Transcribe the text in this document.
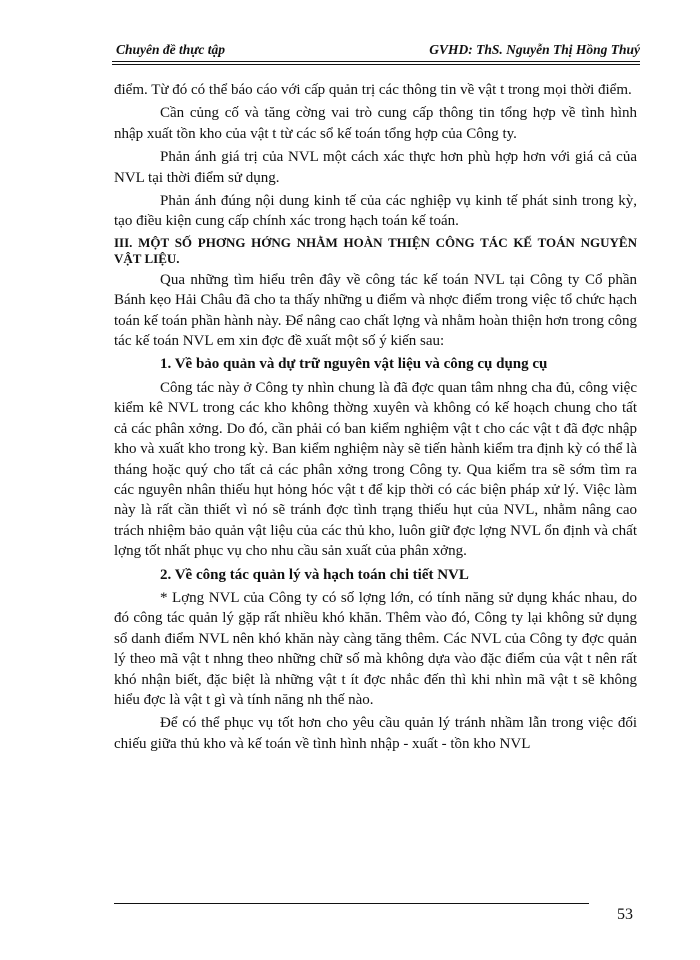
Chuyên đề thực tập	GVHD: ThS. Nguyễn Thị Hồng Thuý

điểm. Từ đó có thể báo cáo với cấp quản trị các thông tin về vật t trong mọi thời điểm.

Cần củng cố và tăng cờng vai trò cung cấp thông tin tổng hợp về tình hình nhập xuất tồn kho của vật t từ các sổ kế toán tổng hợp của Công ty.

Phản ánh giá trị của NVL một cách xác thực hơn phù hợp hơn với giá cả của NVL tại thời điểm sử dụng.

Phản ánh đúng nội dung kinh tế của các nghiệp vụ kinh tế phát sinh trong kỳ, tạo điều kiện cung cấp chính xác trong hạch toán kế toán.

III. MỘT SỐ PHƠNG HỚNG NHẰM HOÀN THIỆN CÔNG TÁC KẾ TOÁN NGUYÊN VẬT LIỆU.

Qua những tìm hiểu trên đây về công tác kế toán NVL tại Công ty Cổ phần Bánh kẹo Hải Châu đã cho ta thấy những u điểm và nhợc điểm trong việc tổ chức hạch toán kế toán phần hành này. Để nâng cao chất lợng và nhằm hoàn thiện hơn trong công tác kế toán NVL em xin đợc đề xuất một số ý kiến sau:

1. Về bảo quản và dự trữ nguyên vật liệu và công cụ dụng cụ

Công tác này ở Công ty nhìn chung là đã đợc quan tâm nhng cha đủ, công việc kiểm kê NVL trong các kho không thờng xuyên và không có kế hoạch chung cho tất cả các phân xởng. Do đó, cần phải có ban kiểm nghiệm vật t cho các vật t đã đợc nhập kho và xuất kho trong kỳ. Ban kiểm nghiệm này sẽ tiến hành kiểm tra định kỳ có thể là tháng hoặc quý cho tất cả các phân xởng trong Công ty. Qua kiểm tra sẽ sớm tìm ra các nguyên nhân thiếu hụt hỏng hóc vật t để kịp thời có các biện pháp xử lý. Việc làm này là rất cần thiết vì nó sẽ tránh đợc tình trạng thiếu hụt của NVL, nhằm nâng cao trách nhiệm bảo quản vật liệu của các thủ kho, luôn giữ đợc lợng NVL ổn định và chất lợng tốt nhất phục vụ cho nhu cầu sản xuất của phân xởng.

2. Về công tác quản lý và hạch toán chi tiết NVL

* Lợng NVL của Công ty có số lợng lớn, có tính năng sử dụng khác nhau, do đó công tác quản lý gặp rất nhiều khó khăn. Thêm vào đó, Công ty lại không sử dụng sổ danh điểm NVL nên khó khăn này càng tăng thêm. Các NVL của Công ty đợc quản lý theo mã vật t nhng theo những chữ số mà không dựa vào đặc điểm của vật t nên rất khó nhận biết, đặc biệt là những vật t ít đợc nhắc đến thì khi nhìn mã vật t sẽ không hiểu đợc là vật t gì và tính năng nh thế nào.

Để có thể phục vụ tốt hơn cho yêu cầu quản lý tránh nhầm lẫn trong việc đối chiếu giữa thủ kho và kế toán về tình hình nhập - xuất - tồn kho NVL

53
